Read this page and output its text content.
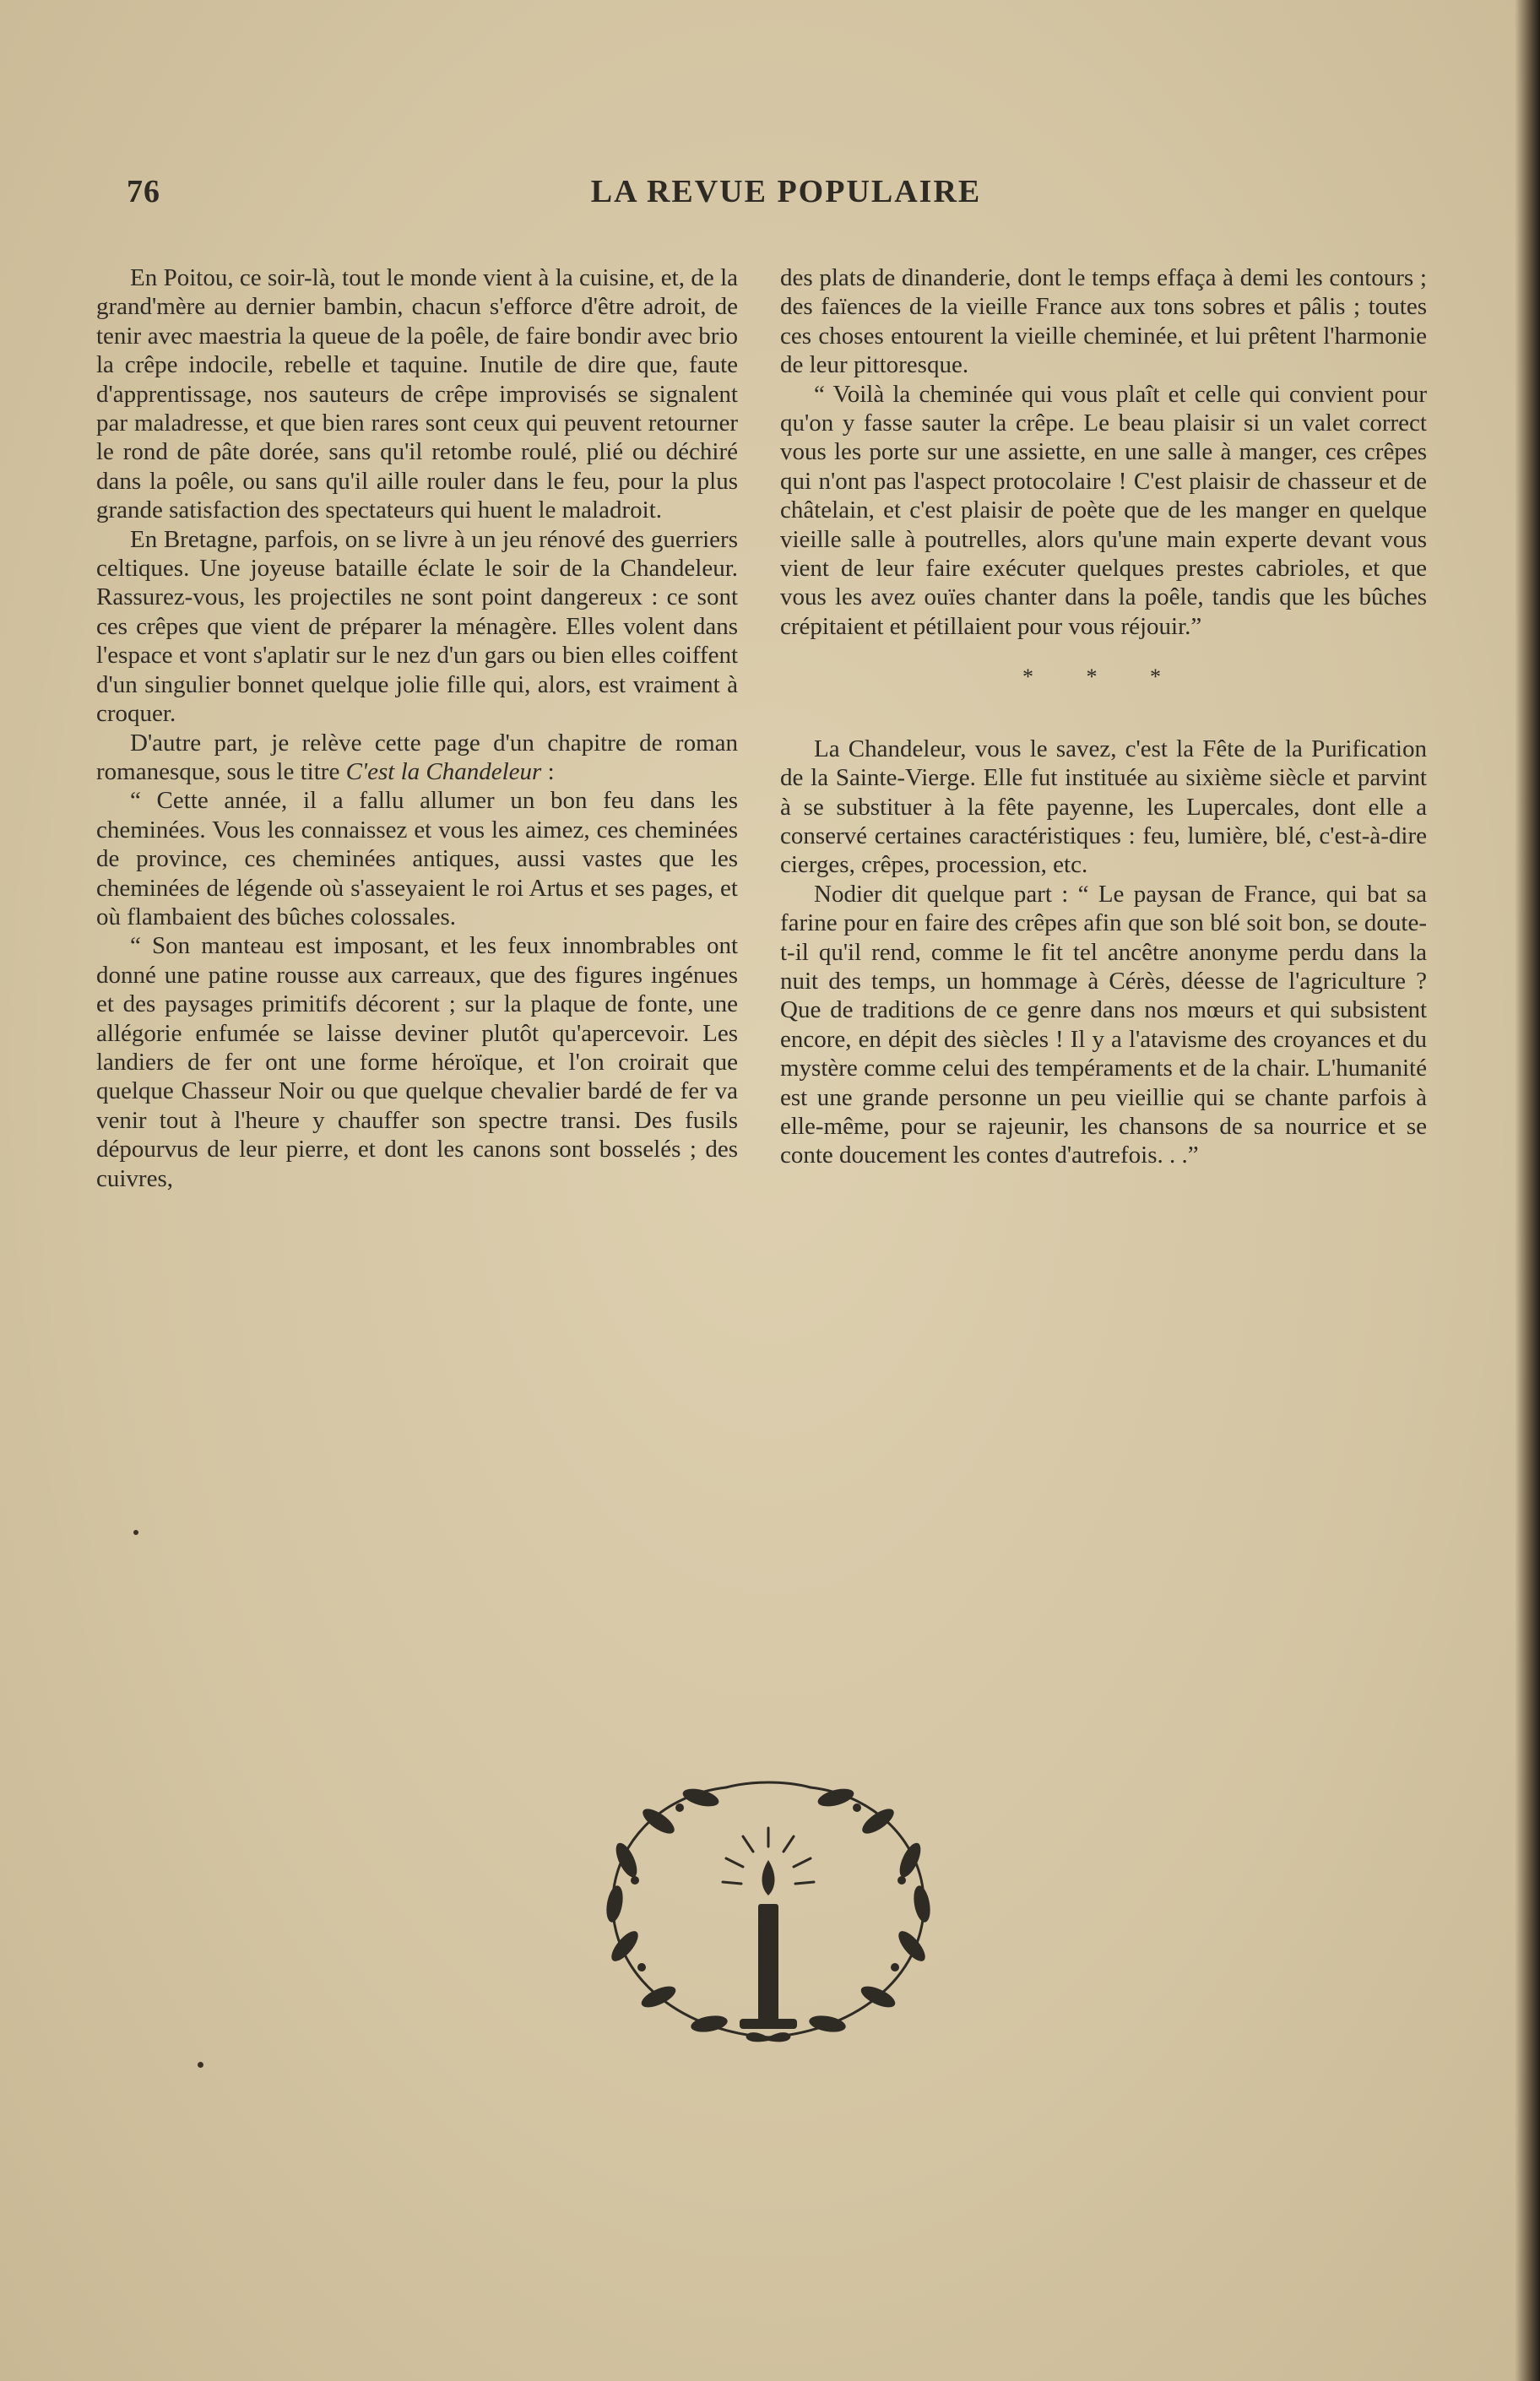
76	LA REVUE POPULAIRE

En Poitou, ce soir-là, tout le monde vient à la cuisine, et, de la grand'mère au dernier bambin, chacun s'efforce d'être adroit, de tenir avec maestria la queue de la poêle, de faire bondir avec brio la crêpe indocile, rebelle et taquine. Inutile de dire que, faute d'apprentissage, nos sauteurs de crêpe improvisés se signalent par maladresse, et que bien rares sont ceux qui peuvent retourner le rond de pâte dorée, sans qu'il retombe roulé, plié ou déchiré dans la poêle, ou sans qu'il aille rouler dans le feu, pour la plus grande satisfaction des spectateurs qui huent le maladroit.

En Bretagne, parfois, on se livre à un jeu rénové des guerriers celtiques. Une joyeuse bataille éclate le soir de la Chandeleur. Rassurez-vous, les projectiles ne sont point dangereux : ce sont ces crêpes que vient de préparer la ménagère. Elles volent dans l'espace et vont s'aplatir sur le nez d'un gars ou bien elles coiffent d'un singulier bonnet quelque jolie fille qui, alors, est vraiment à croquer.

D'autre part, je relève cette page d'un chapitre de roman romanesque, sous le titre C'est la Chandeleur :

“ Cette année, il a fallu allumer un bon feu dans les cheminées. Vous les connaissez et vous les aimez, ces cheminées de province, ces cheminées antiques, aussi vastes que les cheminées de légende où s'asseyaient le roi Artus et ses pages, et où flambaient des bûches colossales.

“ Son manteau est imposant, et les feux innombrables ont donné une patine rousse aux carreaux, que des figures ingénues et des paysages primitifs décorent ; sur la plaque de fonte, une allégorie enfumée se laisse deviner plutôt qu'apercevoir. Les landiers de fer ont une forme héroïque, et l'on croirait que quelque Chasseur Noir ou que quelque chevalier bardé de fer va venir tout à l'heure y chauffer son spectre transi. Des fusils dépourvus de leur pierre, et dont les canons sont bosselés ; des cuivres,

des plats de dinanderie, dont le temps effaça à demi les contours ; des faïences de la vieille France aux tons sobres et pâlis ; toutes ces choses entourent la vieille cheminée, et lui prêtent l'harmonie de leur pittoresque.

“ Voilà la cheminée qui vous plaît et celle qui convient pour qu'on y fasse sauter la crêpe. Le beau plaisir si un valet correct vous les porte sur une assiette, en une salle à manger, ces crêpes qui n'ont pas l'aspect protocolaire ! C'est plaisir de chasseur et de châtelain, et c'est plaisir de poète que de les manger en quelque vieille salle à poutrelles, alors qu'une main experte devant vous vient de leur faire exécuter quelques prestes cabrioles, et que vous les avez ouïes chanter dans la poêle, tandis que les bûches crépitaient et pétillaient pour vous réjouir.”

* * *

La Chandeleur, vous le savez, c'est la Fête de la Purification de la Sainte-Vierge. Elle fut instituée au sixième siècle et parvint à se substituer à la fête payenne, les Lupercales, dont elle a conservé certaines caractéristiques : feu, lumière, blé, c'est-à-dire cierges, crêpes, procession, etc.

Nodier dit quelque part : “ Le paysan de France, qui bat sa farine pour en faire des crêpes afin que son blé soit bon, se doute-t-il qu'il rend, comme le fit tel ancêtre anonyme perdu dans la nuit des temps, un hommage à Cérès, déesse de l'agriculture ? Que de traditions de ce genre dans nos mœurs et qui subsistent encore, en dépit des siècles ! Il y a l'atavisme des croyances et du mystère comme celui des tempéraments et de la chair. L'humanité est une grande personne un peu vieillie qui se chante parfois à elle-même, pour se rajeunir, les chansons de sa nourrice et se conte doucement les contes d'autrefois. . .”
